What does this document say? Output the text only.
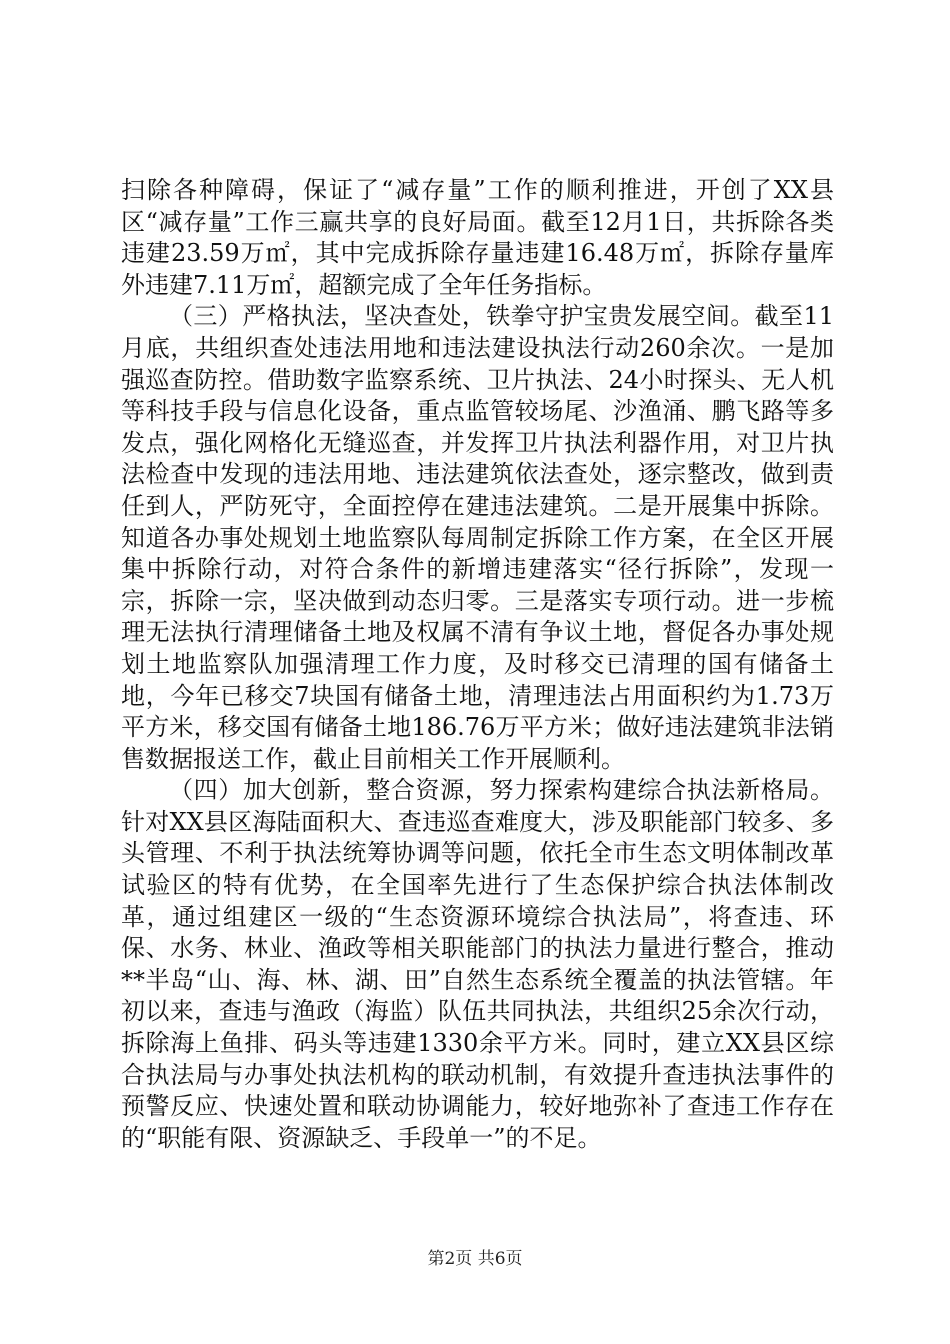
扫除各种障碍，保证了“减存量”工作的顺利推进，开创了XX县区“减存量”工作三赢共享的良好局面。截至12月1日，共拆除各类违建23.59万㎡，其中完成拆除存量违建16.48万㎡，拆除存量库外违建7.11万㎡，超额完成了全年任务指标。

（三）严格执法，坚决查处，铁拳守护宝贵发展空间。截至11月底，共组织查处违法用地和违法建设执法行动260余次。一是加强巡查防控。借助数字监察系统、卫片执法、24小时探头、无人机等科技手段与信息化设备，重点监管较场尾、沙渔涌、鹏飞路等多发点，强化网格化无缝巡查，并发挥卫片执法利器作用，对卫片执法检查中发现的违法用地、违法建筑依法查处，逐宗整改，做到责任到人，严防死守，全面控停在建违法建筑。二是开展集中拆除。知道各办事处规划土地监察队每周制定拆除工作方案，在全区开展集中拆除行动，对符合条件的新增违建落实“径行拆除”，发现一宗，拆除一宗，坚决做到动态归零。三是落实专项行动。进一步梳理无法执行清理储备土地及权属不清有争议土地，督促各办事处规划土地监察队加强清理工作力度，及时移交已清理的国有储备土地，今年已移交7块国有储备土地，清理违法占用面积约为1.73万平方米，移交国有储备土地186.76万平方米；做好违法建筑非法销售数据报送工作，截止目前相关工作开展顺利。

（四）加大创新，整合资源，努力探索构建综合执法新格局。针对XX县区海陆面积大、查违巡查难度大，涉及职能部门较多、多头管理、不利于执法统筹协调等问题，依托全市生态文明体制改革试验区的特有优势，在全国率先进行了生态保护综合执法体制改革，通过组建区一级的“生态资源环境综合执法局”，将查违、环保、水务、林业、渔政等相关职能部门的执法力量进行整合，推动**半岛“山、海、林、湖、田”自然生态系统全覆盖的执法管辖。年初以来，查违与渔政（海监）队伍共同执法，共组织25余次行动，拆除海上鱼排、码头等违建1330余平方米。同时，建立XX县区综合执法局与办事处执法机构的联动机制，有效提升查违执法事件的预警反应、快速处置和联动协调能力，较好地弥补了查违工作存在的“职能有限、资源缺乏、手段单一”的不足。

第2页 共6页
